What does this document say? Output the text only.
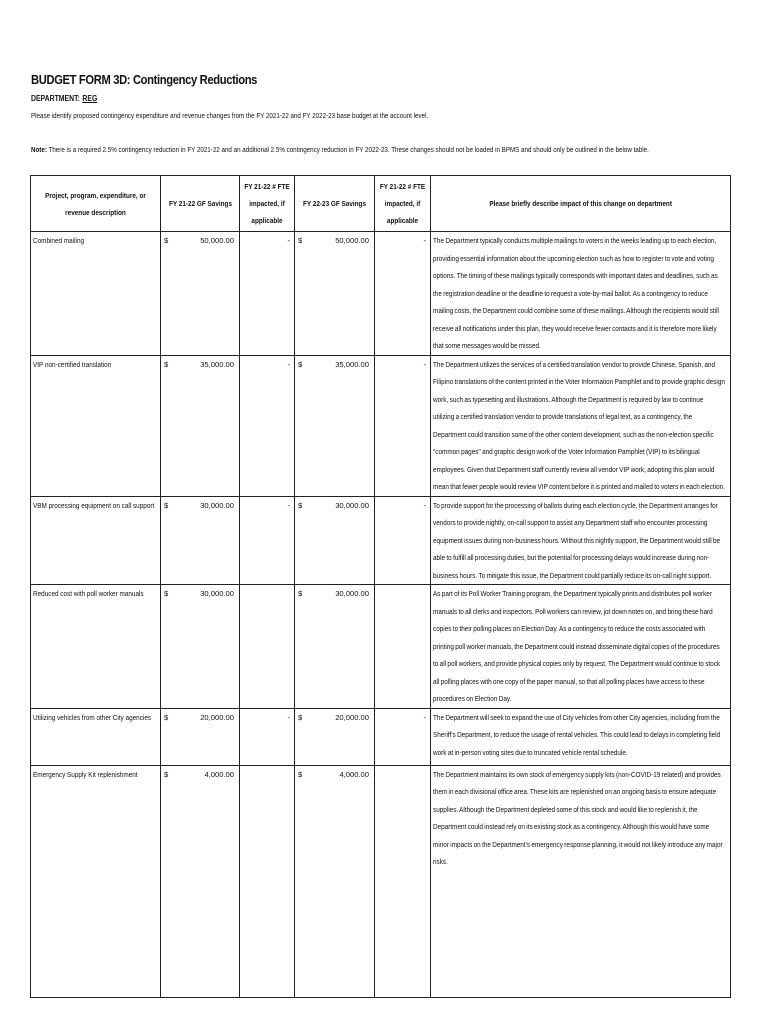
BUDGET FORM 3D: Contingency Reductions
DEPARTMENT: REG
Please identify proposed contingency expenditure and revenue changes from the FY 2021-22 and FY 2022-23 base budget at the account level.
Note: There is a required 2.5% contingency reduction in FY 2021-22 and an additional 2.5% contingency reduction in FY 2022-23. These changes should not be loaded in BPMS and should only be outlined in the below table.
Project, program, expenditure, or revenue description	FY 21-22 GF Savings	FY 21-22 # FTE impacted, if applicable	FY 22-23 GF Savings	FY 21-22 # FTE impacted, if applicable	Please briefly describe impact of this change on department
Combined mailing	$ 50,000.00	-	$ 50,000.00	-	The Department typically conducts multiple mailings to voters in the weeks leading up to each election, providing essential information about the upcoming election such as how to register to vote and voting options. The timing of these mailings typically corresponds with important dates and deadlines, such as the registration deadline or the deadline to request a vote-by-mail ballot. As a contingency to reduce mailing costs, the Department could combine some of these mailings. Although the recipients would still receive all notifications under this plan, they would receive fewer contacts and it is therefore more likely that some messages would be missed.
VIP non-certified translation	$ 35,000.00	-	$ 35,000.00	-	The Department utilizes the services of a certified translation vendor to provide Chinese, Spanish, and Filipino translations of the content printed in the Voter Information Pamphlet and to provide graphic design work, such as typesetting and illustrations. Although the Department is required by law to continue utilizing a certified translation vendor to provide translations of legal text, as a contingency, the Department could transition some of the other content development, such as the non-election specific "common pages" and graphic design work of the Voter Information Pamphlet (VIP) to its bilingual employees. Given that Department staff currently review all vendor VIP work, adopting this plan would mean that fewer people would review VIP content before it is printed and mailed to voters in each election.
VBM processing equipment on call support	$ 30,000.00	-	$ 30,000.00	-	To provide support for the processing of ballots during each election cycle, the Department arranges for vendors to provide nightly, on-call support to assist any Department staff who encounter processing equipment issues during non-business hours. Without this nightly support, the Department would still be able to fulfill all processing duties, but the potential for processing delays would increase during non-business hours. To mitigate this issue, the Department could partially reduce its on-call night support.
Reduced cost with poll worker manuals	$ 30,000.00		$ 30,000.00		As part of its Poll Worker Training program, the Department typically prints and distributes poll worker manuals to all clerks and inspectors. Poll workers can review, jot down notes on, and bring these hard copies to their polling places on Election Day. As a contingency to reduce the costs associated with printing poll worker manuals, the Department could instead disseminate digital copies of the procedures to all poll workers, and provide physical copies only by request. The Department would continue to stock all polling places with one copy of the paper manual, so that all polling places have access to these procedures on Election Day.
Utilizing vehicles from other City agencies	$ 20,000.00	-	$ 20,000.00	-	The Department will seek to expand the use of City vehicles from other City agencies, including from the Sheriff's Department, to reduce the usage of rental vehicles. This could lead to delays in completing field work at in-person voting sites due to truncated vehicle rental schedule.
Emergency Supply Kit replenishment	$ 4,000.00		$ 4,000.00		The Department maintains its own stock of emergency supply kits (non-COVID-19 related) and provides them in each divisional office area. These kits are replenished on an ongoing basis to ensure adequate supplies. Although the Department depleted some of this stock and would like to replenish it, the Department could instead rely on its existing stock as a contingency. Although this would have some minor impacts on the Department's emergency response planning, it would not likely introduce any major risks.
